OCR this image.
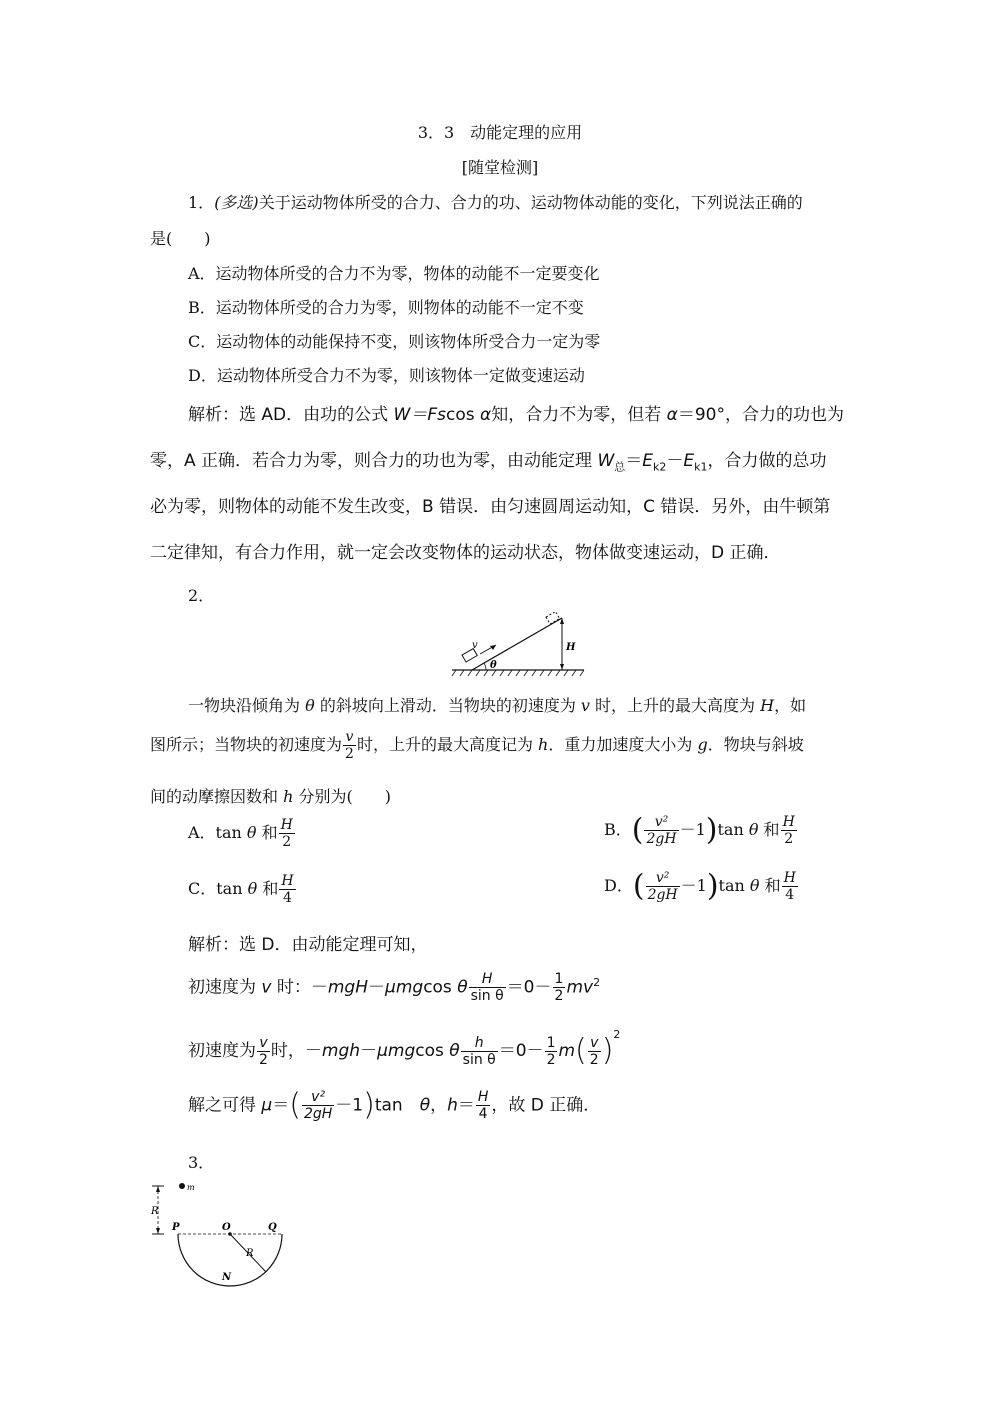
3．3　动能定理的应用
[随堂检测]
1．(多选)关于运动物体所受的合力、合力的功、运动物体动能的变化，下列说法正确的
是(　　)
A．运动物体所受的合力不为零，物体的动能不一定要变化
B．运动物体所受的合力为零，则物体的动能不一定不变
C．运动物体的动能保持不变，则该物体所受合力一定为零
D．运动物体所受合力不为零，则该物体一定做变速运动
解析：选 AD．由功的公式 W＝Fscos α知，合力不为零，但若 α＝90°，合力的功也为
零，A 正确．若合力为零，则合力的功也为零，由动能定理 $W_总=E_{k2}-E_{k1}$，合力做的总功
必为零，则物体的动能不发生改变，B 错误．由匀速圆周运动知，C 错误．另外，由牛顿第
二定律知，有合力作用，就一定会改变物体的运动状态，物体做变速运动，D 正确．
2．
v
θ
H
一物块沿倾角为 θ 的斜坡向上滑动．当物块的初速度为 v 时，上升的最大高度为 H，如
图所示；当物块的初速度为 $\frac{v}{2}$ 时，上升的最大高度记为 h．重力加速度大小为 g．物块与斜坡
间的动摩擦因数和 h 分别为(　　)
A．tan θ 和 $\frac{H}{2}$	B．( $\frac{\text{v²}}{2gH} -1)\tan$ θ 和 $\frac{H}{2}$
C．tan θ 和 $\frac{H}{4}$	D．( $\frac{\text{v²}}{2gH} -1)\tan$ θ 和 $\frac{H}{4}$
解析：选 D．由动能定理可知，
初速度为 v 时：－mgH－μmgcos θ $\frac{H}{\text{sin θ}} =0- \frac{1}{2} mv^2$
初速度为 $\frac{v}{2}$ 时，－mgh－μmgcos θ $\frac{h}{\text{sin θ}} =0- \frac{1}{2} m( \frac{v}{2} )^2$
解之可得 $\mu=( \frac{\text{v²}}{2gH} -1)\tan$　θ，$h= \frac{H}{4}$ ，故 D 正确．
3．
m
R
P	O	Q
R
N
